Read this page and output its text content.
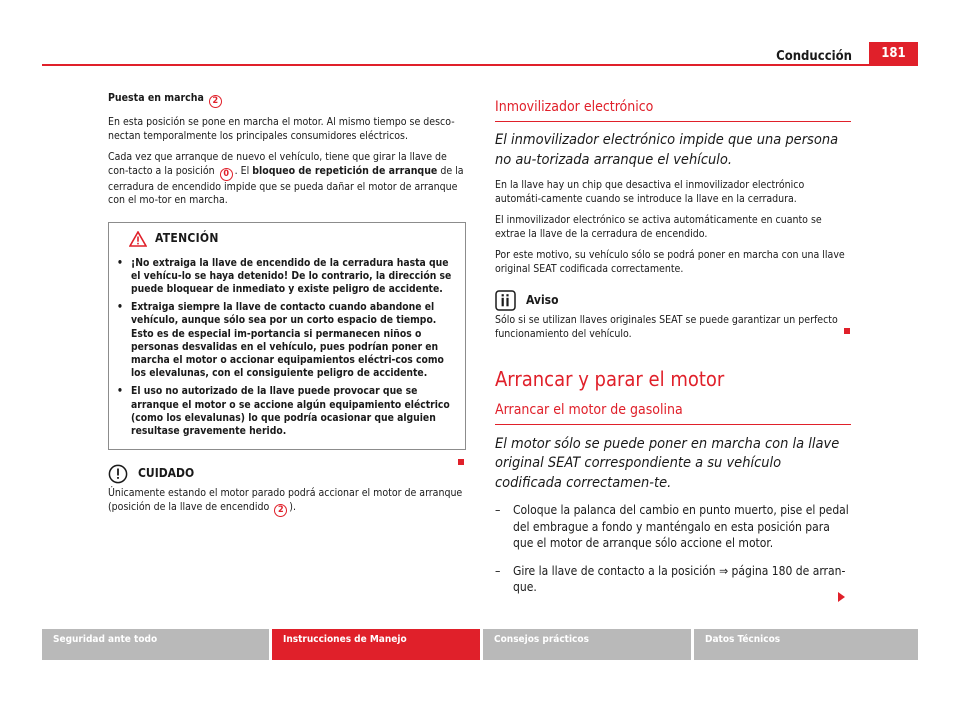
Conducción	181

Puesta en marcha 2

En esta posición se pone en marcha el motor. Al mismo tiempo se desco-nectan temporalmente los principales consumidores eléctricos.

Cada vez que arranque de nuevo el vehículo, tiene que girar la llave de con-tacto a la posición 0 . El bloqueo de repetición de arranque de la cerradura de encendido impide que se pueda dañar el motor de arranque con el mo-tor en marcha.

ATENCIÓN
• ¡No extraiga la llave de encendido de la cerradura hasta que el vehícu-lo se haya detenido! De lo contrario, la dirección se puede bloquear de inmediato y existe peligro de accidente.
• Extraiga siempre la llave de contacto cuando abandone el vehículo, aunque sólo sea por un corto espacio de tiempo. Esto es de especial im-portancia si permanecen niños o personas desvalidas en el vehículo, pues podrían poner en marcha el motor o accionar equipamientos eléctri-cos como los elevalunas, con el consiguiente peligro de accidente.
• El uso no autorizado de la llave puede provocar que se arranque el motor o se accione algún equipamiento eléctrico (como los elevalunas) lo que podría ocasionar que alguien resultase gravemente herido.
CUIDADO

Únicamente estando el motor parado podrá accionar el motor de arranque (posición de la llave de encendido 2 ).

Inmovilizador electrónico
El inmovilizador electrónico impide que una persona no au-torizada arranque el vehículo.

En la llave hay un chip que desactiva el inmovilizador electrónico automáti-camente cuando se introduce la llave en la cerradura.

El inmovilizador electrónico se activa automáticamente en cuanto se extrae la llave de la cerradura de encendido.

Por este motivo, su vehículo sólo se podrá poner en marcha con una llave original SEAT codificada correctamente.

Aviso

Sólo si se utilizan llaves originales SEAT se puede garantizar un perfecto funcionamiento del vehículo.

Arrancar y parar el motor
Arrancar el motor de gasolina
El motor sólo se puede poner en marcha con la llave original SEAT correspondiente a su vehículo codificada correctamen-te.
–	Coloque la palanca del cambio en punto muerto, pise el pedal del embrague a fondo y manténgalo en esta posición para que el motor de arranque sólo accione el motor.
–	Gire la llave de contacto a la posición ⇒ página 180 de arran-que.
Seguridad ante todo	Instrucciones de Manejo	Consejos prácticos	Datos Técnicos
